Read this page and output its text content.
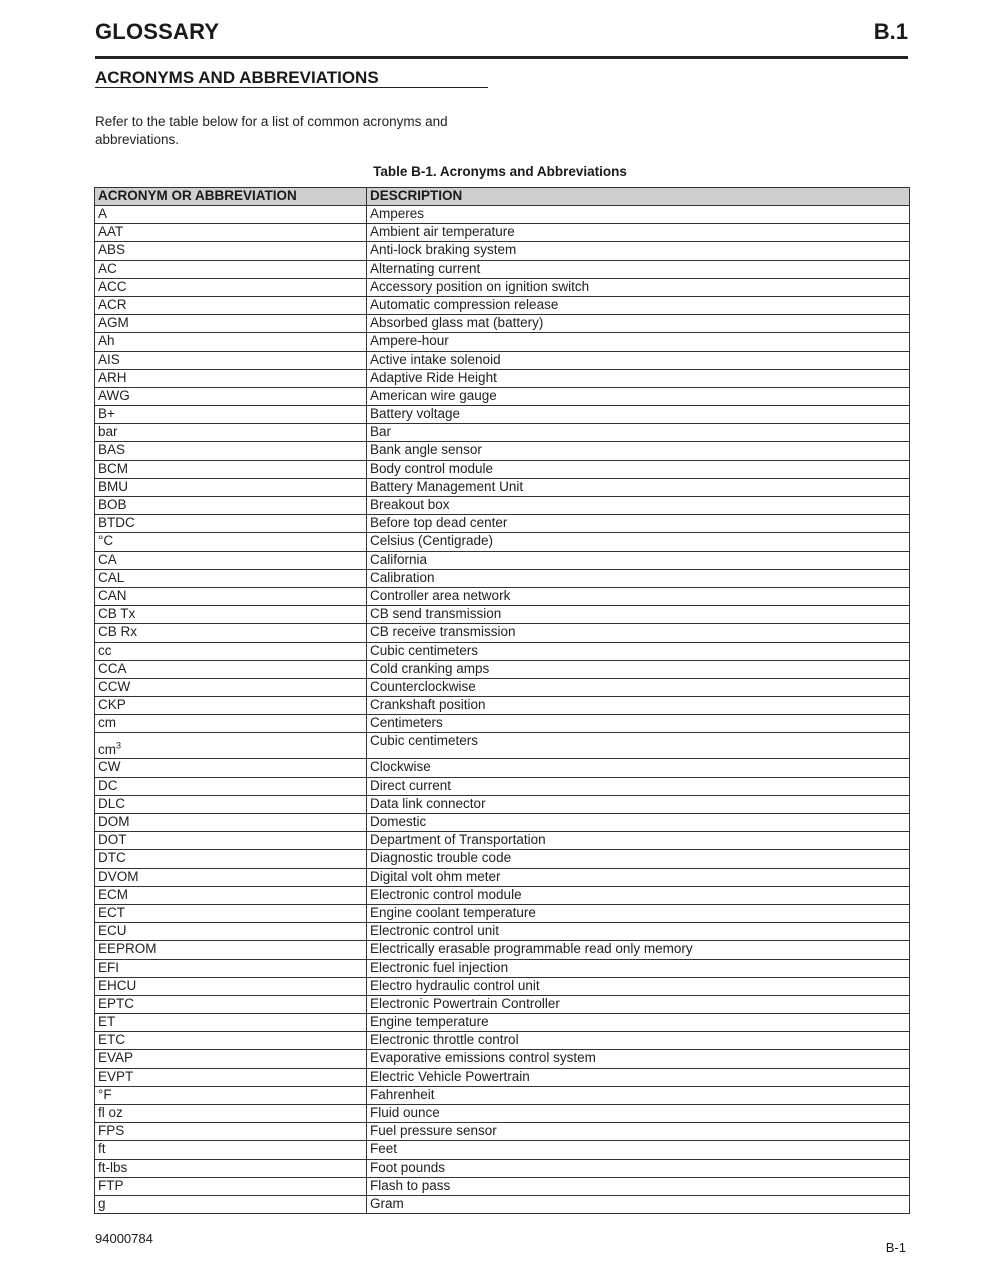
GLOSSARY	B.1
ACRONYMS AND ABBREVIATIONS

Refer to the table below for a list of common acronyms and abbreviations.

Table B-1. Acronyms and Abbreviations
ACRONYM OR ABBREVIATION	DESCRIPTION
A	Amperes
AAT	Ambient air temperature
ABS	Anti-lock braking system
AC	Alternating current
ACC	Accessory position on ignition switch
ACR	Automatic compression release
AGM	Absorbed glass mat (battery)
Ah	Ampere-hour
AIS	Active intake solenoid
ARH	Adaptive Ride Height
AWG	American wire gauge
B+	Battery voltage
bar	Bar
BAS	Bank angle sensor
BCM	Body control module
BMU	Battery Management Unit
BOB	Breakout box
BTDC	Before top dead center
°C	Celsius (Centigrade)
CA	California
CAL	Calibration
CAN	Controller area network
CB Tx	CB send transmission
CB Rx	CB receive transmission
cc	Cubic centimeters
CCA	Cold cranking amps
CCW	Counterclockwise
CKP	Crankshaft position
cm	Centimeters
$cm^3$	Cubic centimeters
CW	Clockwise
DC	Direct current
DLC	Data link connector
DOM	Domestic
DOT	Department of Transportation
DTC	Diagnostic trouble code
DVOM	Digital volt ohm meter
ECM	Electronic control module
ECT	Engine coolant temperature
ECU	Electronic control unit
EEPROM	Electrically erasable programmable read only memory
EFI	Electronic fuel injection
EHCU	Electro hydraulic control unit
EPTC	Electronic Powertrain Controller
ET	Engine temperature
ETC	Electronic throttle control
EVAP	Evaporative emissions control system
EVPT	Electric Vehicle Powertrain
°F	Fahrenheit
fl oz	Fluid ounce
FPS	Fuel pressure sensor
ft	Feet
ft-lbs	Foot pounds
FTP	Flash to pass
g	Gram
94000784
B-1
